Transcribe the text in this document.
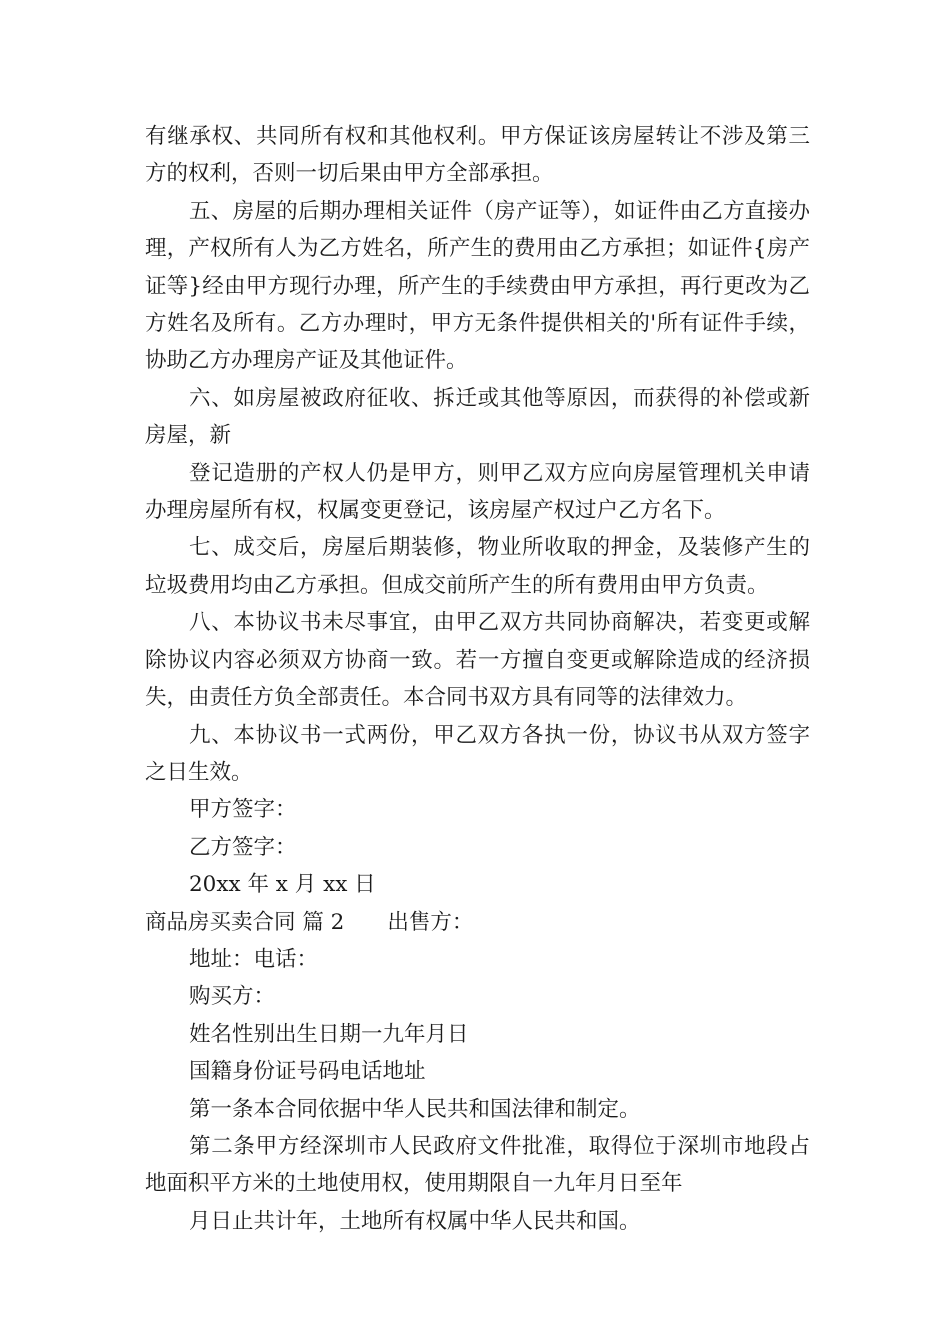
有继承权、共同所有权和其他权利。甲方保证该房屋转让不涉及第三方的权利，否则一切后果由甲方全部承担。

五、房屋的后期办理相关证件（房产证等），如证件由乙方直接办理，产权所有人为乙方姓名，所产生的费用由乙方承担；如证件{房产证等}经由甲方现行办理，所产生的手续费由甲方承担，再行更改为乙方姓名及所有。乙方办理时，甲方无条件提供相关的'所有证件手续，协助乙方办理房产证及其他证件。

六、如房屋被政府征收、拆迁或其他等原因，而获得的补偿或新房屋，新

登记造册的产权人仍是甲方，则甲乙双方应向房屋管理机关申请办理房屋所有权，权属变更登记，该房屋产权过户乙方名下。

七、成交后，房屋后期装修，物业所收取的押金，及装修产生的垃圾费用均由乙方承担。但成交前所产生的所有费用由甲方负责。

八、本协议书未尽事宜，由甲乙双方共同协商解决，若变更或解除协议内容必须双方协商一致。若一方擅自变更或解除造成的经济损失，由责任方负全部责任。本合同书双方具有同等的法律效力。

九、本协议书一式两份，甲乙双方各执一份，协议书从双方签字之日生效。

甲方签字：

乙方签字：

20xx 年 x 月 xx 日

商品房买卖合同 篇 2　　出售方：

地址：电话：

购买方：

姓名性别出生日期一九年月日

国籍身份证号码电话地址

第一条本合同依据中华人民共和国法律和制定。

第二条甲方经深圳市人民政府文件批准，取得位于深圳市地段占地面积平方米的土地使用权，使用期限自一九年月日至年

月日止共计年，土地所有权属中华人民共和国。
